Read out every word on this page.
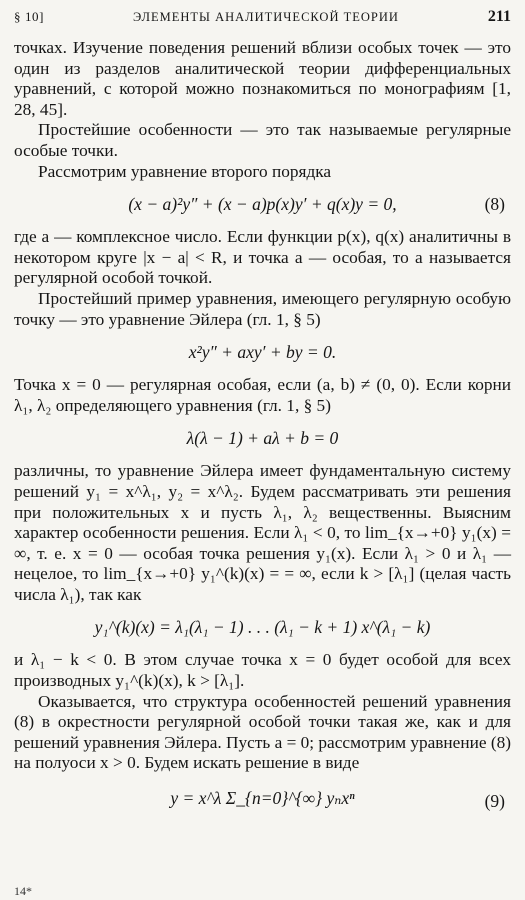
§ 10]	ЭЛЕМЕНТЫ АНАЛИТИЧЕСКОЙ ТЕОРИИ	211

точках. Изучение поведения решений вблизи особых точек — это один из разделов аналитической теории дифференциальных уравнений, с которой можно познакомиться по монографиям [1, 28, 45].

Простейшие особенности — это так называемые регулярные особые точки.

Рассмотрим уравнение второго порядка

(x − a)²y″ + (x − a)p(x)y′ + q(x)y = 0,	(8)

где a — комплексное число. Если функции p(x), q(x) аналитичны в некотором круге |x − a| < R, и точка a — особая, то a называется регулярной особой точкой.

Простейший пример уравнения, имеющего регулярную особую точку — это уравнение Эйлера (гл. 1, § 5)

x²y″ + axy′ + by = 0.

Точка x = 0 — регулярная особая, если (a, b) ≠ (0, 0). Если корни λ₁, λ₂ определяющего уравнения (гл. 1, § 5)

λ(λ − 1) + aλ + b = 0

различны, то уравнение Эйлера имеет фундаментальную систему решений y₁ = x^λ₁, y₂ = x^λ₂. Будем рассматривать эти решения при положительных x и пусть λ₁, λ₂ вещественны. Выясним характер особенности решения. Если λ₁ < 0, то lim_{x→+0} y₁(x) = ∞, т. е. x = 0 — особая точка решения y₁(x). Если λ₁ > 0 и λ₁ — нецелое, то lim_{x→+0} y₁^(k)(x) = = ∞, если k > [λ₁] (целая часть числа λ₁), так как

y₁^(k)(x) = λ₁(λ₁ − 1) . . . (λ₁ − k + 1) x^(λ₁ − k)

и λ₁ − k < 0. В этом случае точка x = 0 будет особой для всех производных y₁^(k)(x), k > [λ₁].

Оказывается, что структура особенностей решений уравнения (8) в окрестности регулярной особой точки такая же, как и для решений уравнения Эйлера. Пусть a = 0; рассмотрим уравнение (8) на полуоси x > 0. Будем искать решение в виде

y = x^λ Σ_{n=0}^{∞} yₙxⁿ	(9)
14*
